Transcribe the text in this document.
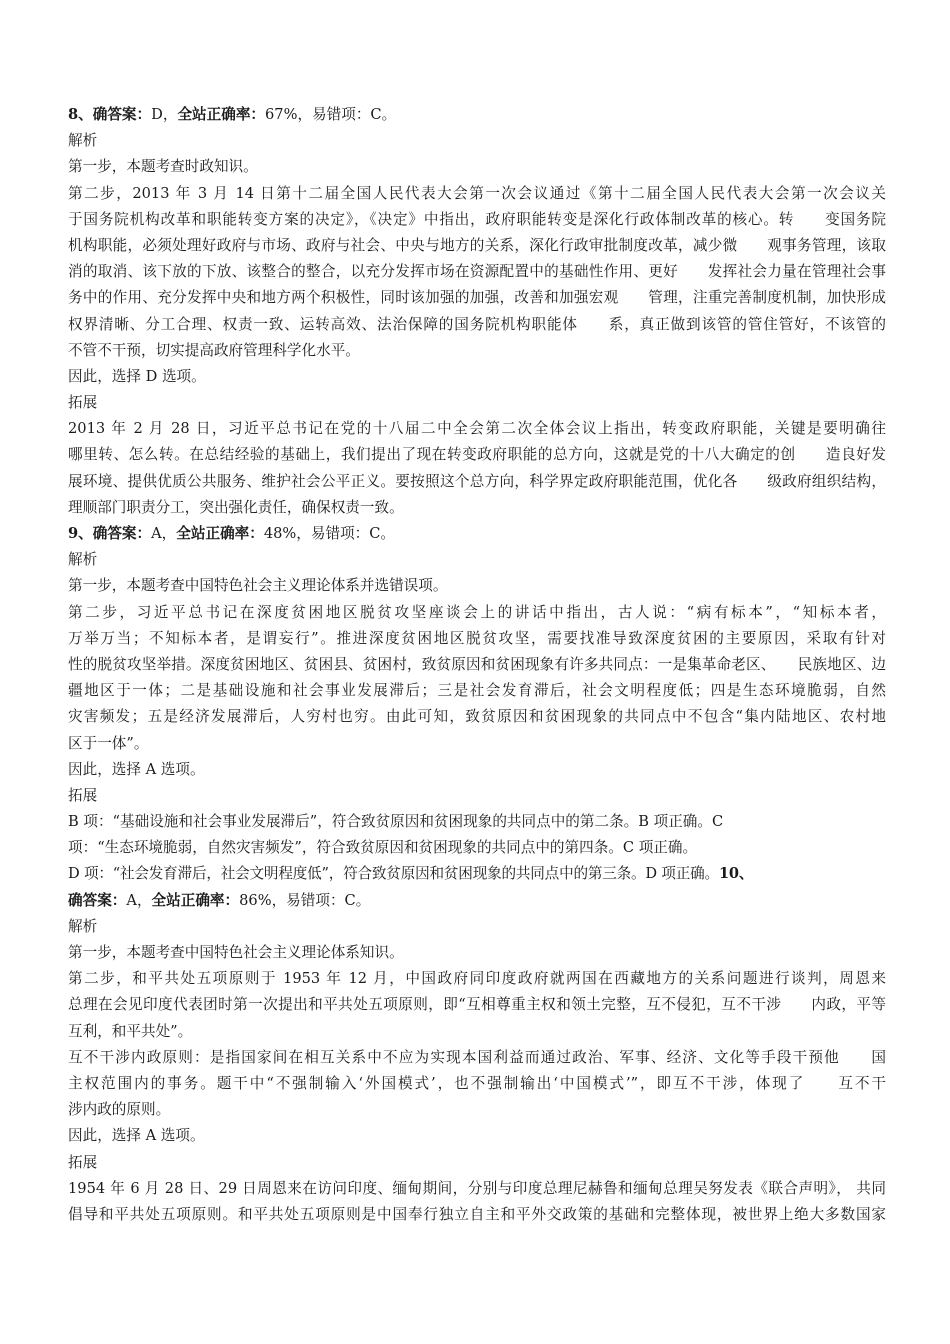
8、确答案：D，全站正确率：67%，易错项：C。
解析
第一步，本题考查时政知识。
第二步，2013 年 3 月 14 日第十二届全国人民代表大会第一次会议通过《第十二届全国人民代表大会第一次会议关
于国务院机构改革和职能转变方案的决定》，《决定》中指出，政府职能转变是深化行政体制改革的核心。转　　变国务院
机构职能，必须处理好政府与市场、政府与社会、中央与地方的关系，深化行政审批制度改革，减少微　　观事务管理，该取
消的取消、该下放的下放、该整合的整合，以充分发挥市场在资源配置中的基础性作用、更好　　发挥社会力量在管理社会事
务中的作用、充分发挥中央和地方两个积极性，同时该加强的加强，改善和加强宏观　　管理，注重完善制度机制，加快形成
权界清晰、分工合理、权责一致、运转高效、法治保障的国务院机构职能体　　系，真正做到该管的管住管好，不该管的
不管不干预，切实提高政府管理科学化水平。
因此，选择 D 选项。
拓展
2013 年 2 月 28 日，习近平总书记在党的十八届二中全会第二次全体会议上指出，转变政府职能，关键是要明确往
哪里转、怎么转。在总结经验的基础上，我们提出了现在转变政府职能的总方向，这就是党的十八大确定的创　　造良好发
展环境、提供优质公共服务、维护社会公平正义。要按照这个总方向，科学界定政府职能范围，优化各　　级政府组织结构，
理顺部门职责分工，突出强化责任，确保权责一致。
9、确答案：A，全站正确率：48%，易错项：C。
解析
第一步，本题考查中国特色社会主义理论体系并选错误项。
第二步，习近平总书记在深度贫困地区脱贫攻坚座谈会上的讲话中指出，古人说：“病有标本”，“知标本者，
万举万当；不知标本者，是谓妄行”。推进深度贫困地区脱贫攻坚，需要找准导致深度贫困的主要原因，采取有针对
性的脱贫攻坚举措。深度贫困地区、贫困县、贫困村，致贫原因和贫困现象有许多共同点：一是集革命老区、　　民族地区、边
疆地区于一体；二是基础设施和社会事业发展滞后；三是社会发育滞后，社会文明程度低；四是生态环境脆弱，自然
灾害频发；五是经济发展滞后，人穷村也穷。由此可知，致贫原因和贫困现象的共同点中不包含“集内陆地区、农村地
区于一体”。
因此，选择 A 选项。
拓展
B 项：“基础设施和社会事业发展滞后”，符合致贫原因和贫困现象的共同点中的第二条。B 项正确。C
项：“生态环境脆弱，自然灾害频发”，符合致贫原因和贫困现象的共同点中的第四条。C 项正确。
D 项：“社会发育滞后，社会文明程度低”，符合致贫原因和贫困现象的共同点中的第三条。D 项正确。10、
确答案：A，全站正确率：86%，易错项：C。
解析
第一步，本题考查中国特色社会主义理论体系知识。
第二步，和平共处五项原则于 1953 年 12 月，中国政府同印度政府就两国在西藏地方的关系问题进行谈判，周恩来
总理在会见印度代表团时第一次提出和平共处五项原则，即“互相尊重主权和领土完整，互不侵犯，互不干涉　　内政，平等
互利，和平共处”。
互不干涉内政原则：是指国家间在相互关系中不应为实现本国利益而通过政治、军事、经济、文化等手段干预他　　国
主权范围内的事务。题干中“不强制输入‘外国模式’，也不强制输出‘中国模式’”，即互不干涉，体现了　　互不干
涉内政的原则。
因此，选择 A 选项。
拓展
1954 年 6 月 28 日、29 日周恩来在访问印度、缅甸期间，分别与印度总理尼赫鲁和缅甸总理吴努发表《联合声明》， 共同
倡导和平共处五项原则。和平共处五项原则是中国奉行独立自主和平外交政策的基础和完整体现，被世界上绝大多数国家
